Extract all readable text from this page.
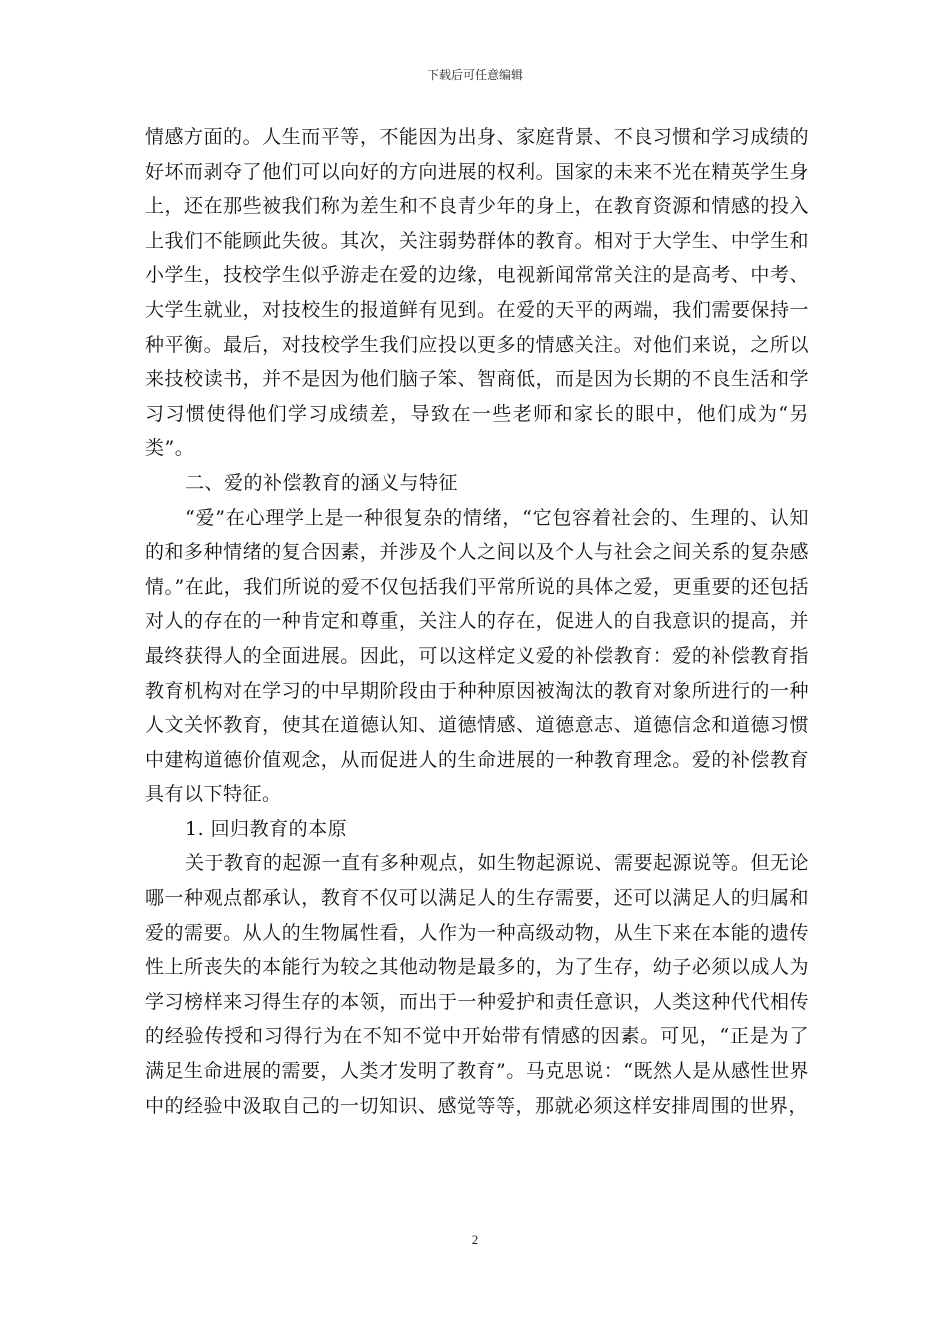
下载后可任意编辑

情感方面的。人生而平等，不能因为出身、家庭背景、不良习惯和学习成绩的好坏而剥夺了他们可以向好的方向进展的权利。国家的未来不光在精英学生身上，还在那些被我们称为差生和不良青少年的身上，在教育资源和情感的投入上我们不能顾此失彼。其次，关注弱势群体的教育。相对于大学生、中学生和小学生，技校学生似乎游走在爱的边缘，电视新闻常常关注的是高考、中考、大学生就业，对技校生的报道鲜有见到。在爱的天平的两端，我们需要保持一种平衡。最后，对技校学生我们应投以更多的情感关注。对他们来说，之所以来技校读书，并不是因为他们脑子笨、智商低，而是因为长期的不良生活和学习习惯使得他们学习成绩差，导致在一些老师和家长的眼中，他们成为“另类”。

二、爱的补偿教育的涵义与特征

“爱”在心理学上是一种很复杂的情绪，“它包容着社会的、生理的、认知的和多种情绪的复合因素，并涉及个人之间以及个人与社会之间关系的复杂感情。”在此，我们所说的爱不仅包括我们平常所说的具体之爱，更重要的还包括对人的存在的一种肯定和尊重，关注人的存在，促进人的自我意识的提高，并最终获得人的全面进展。因此，可以这样定义爱的补偿教育：爱的补偿教育指教育机构对在学习的中早期阶段由于种种原因被淘汰的教育对象所进行的一种人文关怀教育，使其在道德认知、道德情感、道德意志、道德信念和道德习惯中建构道德价值观念，从而促进人的生命进展的一种教育理念。爱的补偿教育具有以下特征。

1. 回归教育的本原

关于教育的起源一直有多种观点，如生物起源说、需要起源说等。但无论哪一种观点都承认，教育不仅可以满足人的生存需要，还可以满足人的归属和爱的需要。从人的生物属性看，人作为一种高级动物，从生下来在本能的遗传性上所丧失的本能行为较之其他动物是最多的，为了生存，幼子必须以成人为学习榜样来习得生存的本领，而出于一种爱护和责任意识，人类这种代代相传的经验传授和习得行为在不知不觉中开始带有情感的因素。可见，“正是为了满足生命进展的需要，人类才发明了教育”。马克思说：“既然人是从感性世界中的经验中汲取自己的一切知识、感觉等等，那就必须这样安排周围的世界，

2
